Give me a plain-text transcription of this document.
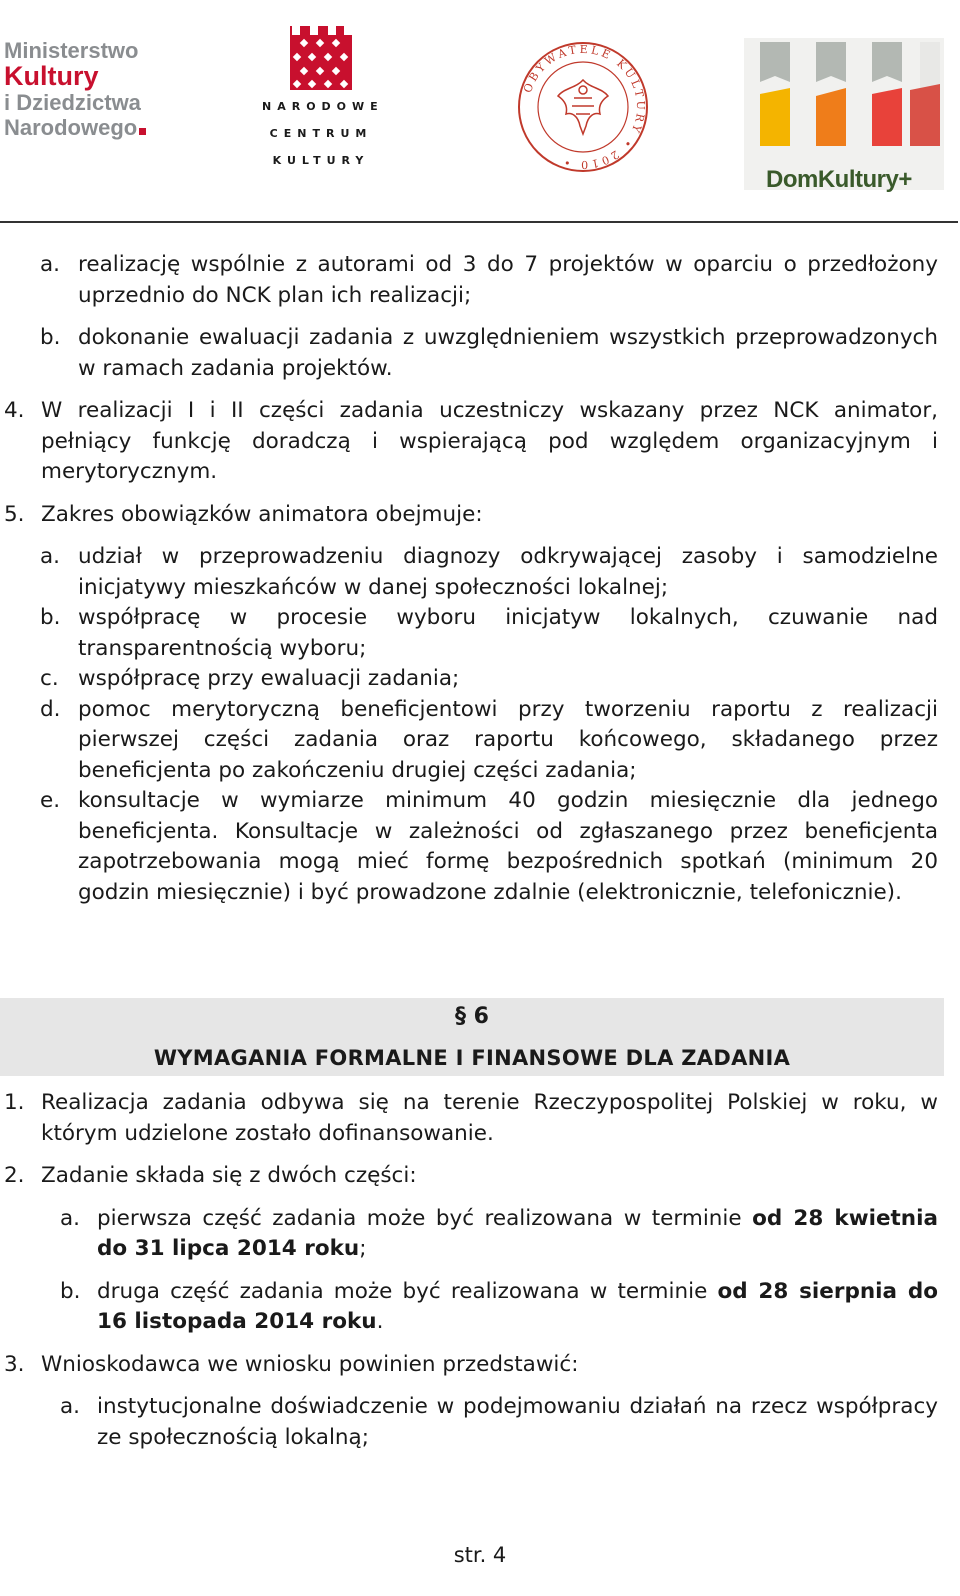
Ministerstwo
Kultury
i Dziedzictwa
Narodowego
NARODOWE
CENTRUM
KULTURY
OBYWATELE KULTURY • 2010 •
DomKultury+
a. realizację wspólnie z autorami od 3 do 7 projektów w oparciu o przedłożony uprzednio do NCK plan ich realizacji;
b. dokonanie ewaluacji zadania z uwzględnieniem wszystkich przeprowadzonych w ramach zadania projektów.
4. W realizacji I i II części zadania uczestniczy wskazany przez NCK animator, pełniący funkcję doradczą i wspierającą pod względem organizacyjnym i merytorycznym.
5. Zakres obowiązków animatora obejmuje:
a. udział w przeprowadzeniu diagnozy odkrywającej zasoby i samodzielne inicjatywy mieszkańców w danej społeczności lokalnej;
b. współpracę w procesie wyboru inicjatyw lokalnych, czuwanie nad transparentnością wyboru;
c. współpracę przy ewaluacji zadania;
d. pomoc merytoryczną beneficjentowi przy tworzeniu raportu z realizacji pierwszej części zadania oraz raportu końcowego, składanego przez beneficjenta po zakończeniu drugiej części zadania;
e. konsultacje w wymiarze minimum 40 godzin miesięcznie dla jednego beneficjenta. Konsultacje w zależności od zgłaszanego przez beneficjenta zapotrzebowania mogą mieć formę bezpośrednich spotkań (minimum 20 godzin miesięcznie) i być prowadzone zdalnie (elektronicznie, telefonicznie).
§ 6
WYMAGANIA FORMALNE I FINANSOWE DLA ZADANIA
1. Realizacja zadania odbywa się na terenie Rzeczypospolitej Polskiej w roku, w którym udzielone zostało dofinansowanie.
2. Zadanie składa się z dwóch części:
a. pierwsza część zadania może być realizowana w terminie od 28 kwietnia do 31 lipca 2014 roku;
b. druga część zadania może być realizowana w terminie od 28 sierpnia do 16 listopada 2014 roku.
3. Wnioskodawca we wniosku powinien przedstawić:
a. instytucjonalne doświadczenie w podejmowaniu działań na rzecz współpracy ze społecznością lokalną;
str. 4
